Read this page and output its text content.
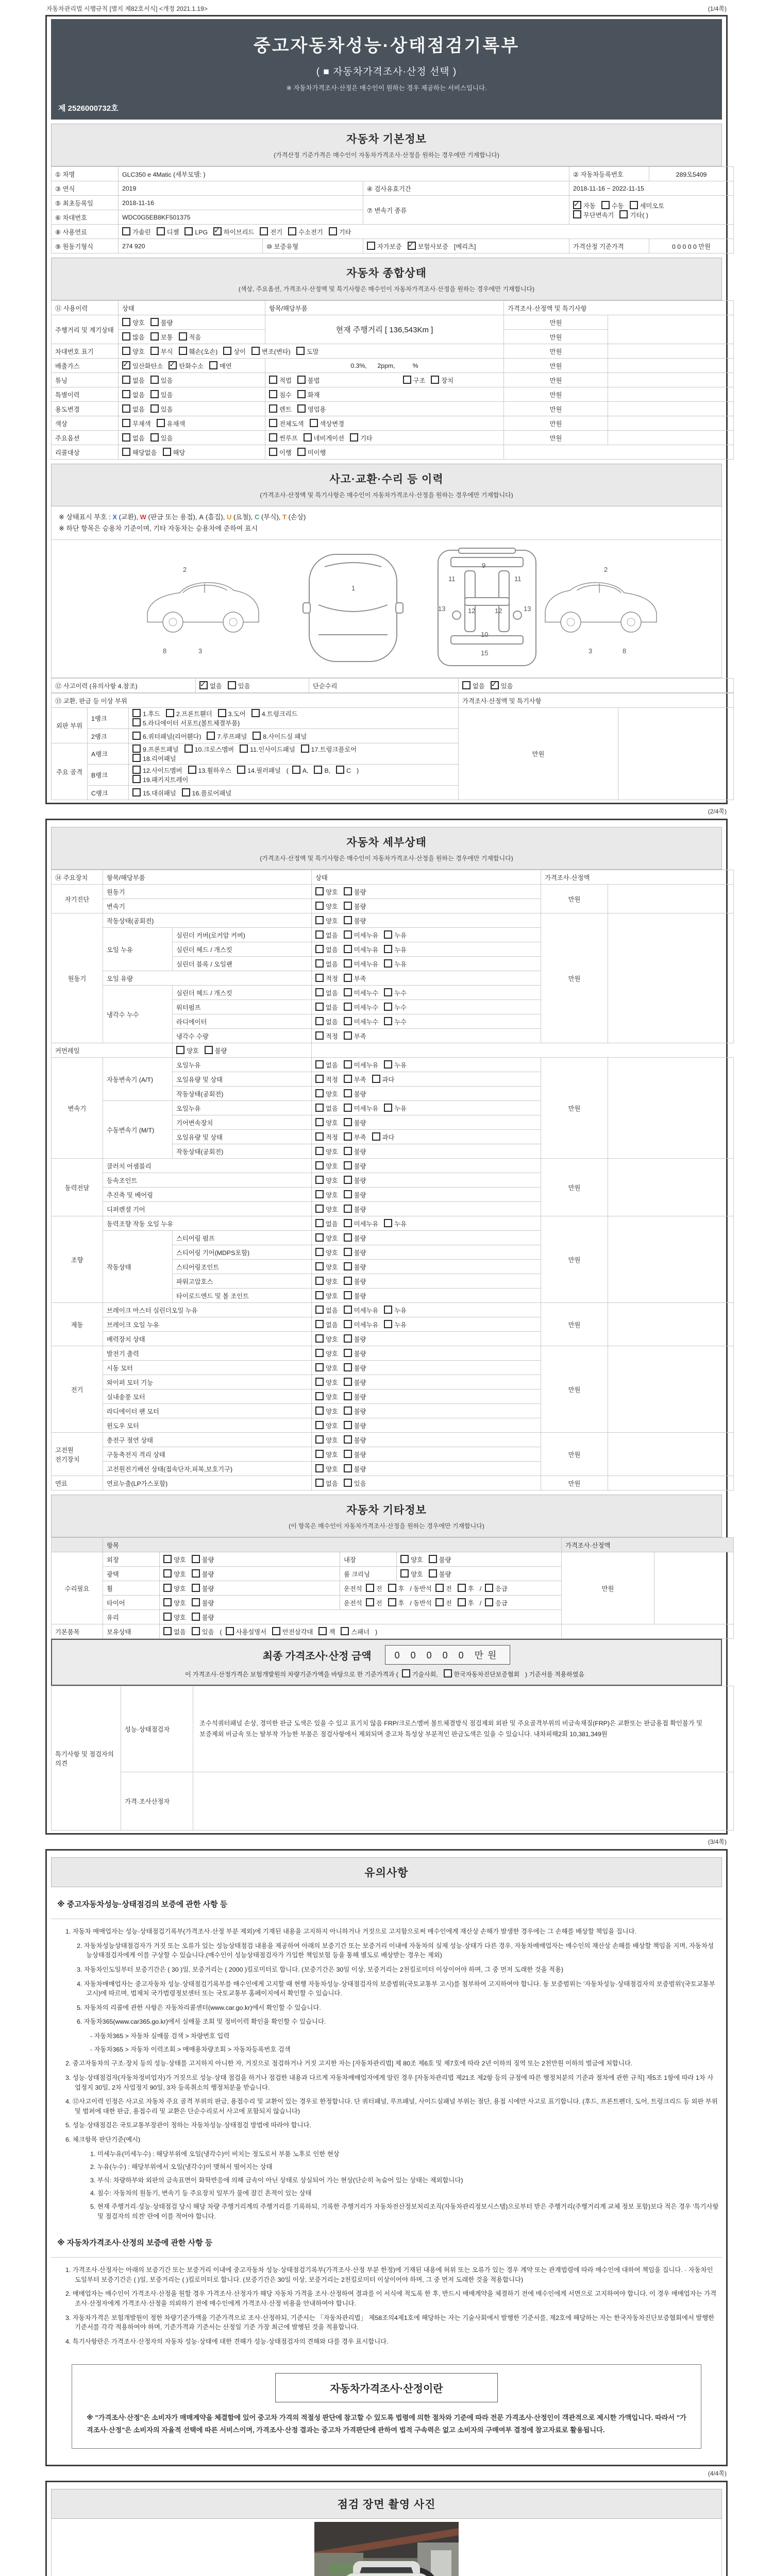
자동차관리법 시행규칙 [별지 제82호서식] <개정 2021.1.19>	(1/4쪽)
중고자동차성능·상태점검기록부
( ■ 자동차가격조사·산정 선택 )
※ 자동차가격조사·산정은 매수인이 원하는 경우 제공하는 서비스입니다.
제 2526000732호
자동차 기본정보
(가격산정 기준가격은 매수인이 자동차가격조사·산정을 원하는 경우에만 기재합니다)
① 차명	GLC350 e 4Matic (세부모델: )			② 자동차등록번호	289오5409
③ 연식	2019		④ 검사유효기간	2018-11-16 ~ 2022-11-15	
⑤ 최초등록일	2018-11-16		⑦ 변속기 종류	✓자동 수동 세미오토
무단변속기 기타( )
⑥ 차대번호	WDC0G5EB8KF501375				
⑧ 사용연료	가솔린 디젤 LPG ✓ 하이브리드 전기 수소전기 기타
⑨ 원동기형식	274 920	⑩ 보증유형	자가보증 ✓ 보험사보증 [메리츠]	가격산정 기준가격	0 0 0 0 0 만원
자동차 종합상태
(색상, 주요옵션, 가격조사·산정액 및 특기사항은 매수인이 자동차가격조사·산정을 원하는 경우에만 기재합니다)
⑪ 사용이력	상태	항목/해당부품	가격조사·산정액 및 특기사항	
주행거리 및 계기상태	양호 불량	현재 주행거리 [ 136,543Km ]	만원	
	많음 보통 적음		만원	
차대번호 표기	양호 부식 훼손(오손) 상이 변조(변타) 도말		만원	
배출가스	✓일산화탄소 ✓ 탄화수소 매연	0.3%,      2ppm,          %	만원	
튜닝	없음 있음	적법 불법 구조 장치	만원	
특별이력	없음 있음	침수 화재	만원	
용도변경	없음 있음	렌트 영업용	만원	
색상	무채색 유채색	전체도색 색상변경	만원	
주요옵션	없음 있음	썬루프 네비게이션 기타	만원	
리콜대상	해당없음 해당	이행 미이행		
사고·교환·수리 등 이력
(가격조사·산정액 및 특기사항은 매수인이 자동차가격조사·산정을 원하는 경우에만 기재합니다)
※ 상태표시 부호 : X (교환), W (판금 또는 용접), A (흠집), U (요철), C (부식), T (손상)
※ 하단 항목은 승용차 기준이며, 기타 자동차는 승용차에 준하여 표시
2
8	3
1
9
11	11
13	13
12	12
10
15
2
3	8
⑫ 사고이력 (유의사항 4.참조)	✓없음	있음	단순수리	없음 ✓	있음
⑬ 교환, 판금 등 이상 부위			가격조사·산정액 및 특기사항	
외판 부위	1랭크	1.후드 2.프론트휀더 3.도어 4.트렁크리드
5.라디에이터 서포트(볼트체결부품)	만원	
	2랭크	6.쿼터패널(리어휀다) 7.루프패널 8.사이드실 패널		
주요 골격	A랭크	9.프론트패널 10.크로스멤버 11.인사이드패널 17.트렁크플로어
18.리어패널		
	B랭크	12.사이드멤버 13.휠하우스 14.필러패널 ( A, B, C )
19.패키지트레이		
	C랭크	15.대쉬패널 16.플로어패널		
(2/4쪽)
자동차 세부상태
(가격조사·산정액 및 특기사항은 매수인이 자동차가격조사·산정을 원하는 경우에만 기재합니다)
⑭ 주요장치	항목/해당부품		상태	가격조사·산정액	
자기진단	원동기		양호 불량	만원	
	변속기		양호 불량		
원동기	작동상태(공회전)		양호 불량	만원	
	오일 누유	실린더 커버(로커암 커버)	없음 미세누유 누유		
		실린더 헤드 / 개스킷	없음 미세누유 누유		
		실린더 블록 / 오일팬	없음 미세누유 누유		
	오일 유량		적정 부족		
	냉각수 누수	실린더 헤드 / 개스킷	없음 미세누수 누수		
		워터펌프	없음 미세누수 누수		
		라디에이터	없음 미세누수 누수		
		냉각수 수량	적정 부족		
커먼레일		양호 불량			
변속기	자동변속기 (A/T)	오일누유	없음 미세누유 누유	만원	
		오일유량 및 상태	적정 부족 과다		
		작동상태(공회전)	양호 불량		
	수동변속기 (M/T)	오일누유	없음 미세누유 누유		
		기어변속장치	양호 불량		
		오일유량 및 상태	적정 부족 과다		
		작동상태(공회전)	양호 불량		
동력전달	클러치 어셈블리		양호 불량	만원	
	등속조인트		양호 불량		
	추진축 및 베어링		양호 불량		
	디퍼렌셜 기어		양호 불량		
조향	동력조향 작동 오일 누유		없음 미세누유 누유	만원	
	작동상태	스티어링 펌프	양호 불량		
		스티어링 기어(MDPS포함)	양호 불량		
		스티어링조인트	양호 불량		
		파워고압호스	양호 불량		
		타이로드엔드 및 볼 조인트	양호 불량		
제동	브레이크 마스터 실린더오일 누유		없음 미세누유 누유	만원	
	브레이크 오일 누유		없음 미세누유 누유		
	배력장치 상태		양호 불량		
전기	발전기 출력		양호 불량	만원	
	시동 모터		양호 불량		
	와이퍼 모터 기능		양호 불량		
	실내송풍 모터		양호 불량		
	라디에이터 팬 모터		양호 불량		
	윈도우 모터		양호 불량		
고전원 전기장치	충전구 절연 상태		양호 불량	만원	
	구동축전지 격리 상태		양호 불량		
	고전원전기배선 상태(접속단자,피복,보호기구)		양호 불량		
연료	연료누출(LP가스포함)		없음 있음	만원	
자동차 기타정보
(이 항목은 매수인이 자동차가격조사·산정을 원하는 경우에만 기재합니다)
	항목				가격조사·산정액	
수리필요	외장	양호 불량	내장	양호 불량	만원	
	광택	양호 불량	룸 크리닝	양호 불량		
	휠	양호 불량	운전석 전 후 / 동반석 전 후 / 응급			
	타이어	양호 불량	운전석 전 후 / 동반석 전 후 / 응급			
	유리	양호 불량				
기본품목	보유상태	없음 있음 ( 사용설명서 안전삼각대 잭 스패너 )				
최종 가격조사·산정 금액	0 0 0 0 0 만원
이 가격조사·산정가격은 보험개발원의 차량기준가액을 바탕으로 한 기준가격과 ( 기술사회,	한국자동차진단보증협회 ) 기준서를 적용하였음
특기사항 및 점검자의 의견	성능·상태점검자	조수석쿼터패널 손상, 경미한 판금 도색은 있을 수 있고 표기치 않음 FRP/크로스멤버 볼트체결방식 점검제외 외판 및 주요골격부위의 비금속재질(FRP)은 교환또는 판금용접 확인불가 및 보증제외 비금속 또는 탈부착 가능한 부품은 점검사항에서 제외되며 중고차 특성상 부분적인 판금도색은 있을 수 있습니다. 내차피해2회 10,381,349원
	가격·조사산정자	
(3/4쪽)
유의사항
※ 중고자동차성능·상태점검의 보증에 관한 사항 등
1. 자동차 매매업자는 성능·상태점검기록부(가격조사·산정 부분 제외)에 기재된 내용을 고지하지 아니하거나 거짓으로 고지함으로써 매수인에게 재산상 손해가 발생한 경우에는 그 손해를 배상할 책임을 집니다.
2. 자동차성능상태점검자가 거짓 또는 오류가 있는 성능상태점검 내용을 제공하여 아래의 보증기간 또는 보증거리 이내에 자동차의 실제 성능·상태가 다른 경우, 자동차매매업자는 매수인의 재산상 손해를 배상할 책임을 지며, 자동차성능상태점검자에게 이를 구상할 수 있습니다.(매수인이 성능상태점검자가 가입한 책임보험 등을 통해 별도로 배상받는 경우는 제외)
3. 자동차인도일부터 보증기간은 ( 30 )일, 보증거리는 ( 2000 )킬로미터로 합니다. (보증기간은 30일 이상, 보증거리는 2천킬로미터 이상이어야 하며, 그 중 먼저 도래한 것을 적용)
4. 자동차매매업자는 중고자동차 성능·상태점검기록부를 매수인에게 고지할 때 현행 자동차성능·상태점검자의 보증범위(국토교통부 고시)를 첨부하여 고지하여야 합니다. 동 보증범위는 '자동차성능·상태점검자의 보증범위'(국토교통부 고시)에 따르며, 법제처 국가법령정보센터 또는 국토교통부 홈페이지에서 확인할 수 있습니다.
5. 자동차의 리콜에 관한 사항은 자동차리콜센터(www.car.go.kr)에서 확인할 수 있습니다.
6. 자동차365(www.car365.go.kr)에서 실매물 조회 및 정비이력 확인을 확인할 수 있습니다.
- 자동차365 > 자동차 실매물 검색 > 차량번호 입력
- 자동차365 > 자동차 이력조회 > 매매용차량조회 > 자동차등록번호 검색
2. 중고자동차의 구조·장치 등의 성능·상태를 고지하지 아니한 자, 거짓으로 점검하거나 거짓 고지한 자는 [자동차관리법] 제 80조 제6호 및 제7호에 따라 2년 이하의 징역 또는 2천만원 이하의 벌금에 처합니다.
3. 성능·상태점검자(자동차정비업자)가 거짓으로 성능·상태 점검을 하거나 점검한 내용과 다르게 자동차매매업자에게 알린 경우 [자동차관리법 제21조 제2항 등의 규정에 따른 행정처분의 기준과 절차에 관한 규칙] 제5조 1항에 따라 1차 사업정지 30일, 2차 사업정지 90일, 3차 등록취소의 행정처분을 받습니다.
4. ⑫사고이력 인정은 사고로 자동차 주요 골격 부위의 판금, 용접수리 및 교환이 있는 경우로 한정합니다. 단 쿼터패널, 루프패널, 사이드실패널 부위는 절단, 용접 시에만 사고로 표기합니다. (후드, 프론트펜더, 도어, 트렁크리드 등 외판 부위 및 범퍼에 대한 판금, 용접수리 및 교환은 단순수리로서 사고에 포함되지 않습니다)
5. 성능·상태점검은 국토교통부장관이 정하는 자동차성능·상태점검 방법에 따라야 합니다.
6. 체크항목 판단기준(예시)
1. 미세누유(미세누수) : 해당부위에 오일(냉각수)이 비치는 정도로서 부품 노후로 인한 현상
2. 누유(누수) : 해당부위에서 오일(냉각수)이 맺혀서 떨어지는 상태
3. 부식: 차량하부와 외판의 금속표면이 화학반응에 의해 금속이 아닌 상태로 상실되어 가는 현상(단순히 녹슬어 있는 상태는 제외합니다)
4. 침수: 자동차의 원동기, 변속기 등 주요장치 일부가 물에 잠긴 흔적이 있는 상태
5. 현재 주행거리·성능·상태점검 당시 해당 차량 주행거리계의 주행거리를 기록하되, 기록한 주행거리가 자동차전산정보처리조직(자동차관리정보시스템)으로부터 받은 주행거리(주행거리계 교체 정보 포함)보다 적은 경우 '특기사항 및 점검자의 의견' 란에 이를 적어야 합니다.
※ 자동차가격조사·산정의 보증에 관한 사항 등
1. 가격조사·산정자는 아래의 보증기간 또는 보증거리 이내에 중고자동차 성능·상태점검기록부(가격조사·산정 부분 한정)에 기재된 내용에 허위 또는 오류가 있는 경우 계약 또는 관계법령에 따라 매수인에 대하여 책임을 집니다. · 자동차인도일부터 보증기간은 ( )일, 보증거리는 ( )킬로미터로 합니다. (보증기간은 30일 이상, 보증거리는 2천킬로미터 이상이어야 하며, 그 중 먼저 도래한 것을 적용합니다)
2. 매매업자는 매수인이 가격조사·산정을 원할 경우 가격조사·산정자가 해당 자동차 가격을 조사·산정하여 결과를 이 서식에 적도록 한 후, 반드시 매매계약을 체결하기 전에 매수인에게 서면으로 고지하여야 합니다. 이 경우 매매업자는 가격조사·산정자에게 가격조사·산정을 의뢰하기 전에 매수인에게 가격조사·산정 비용을 안내하여야 합니다.
3. 자동차가격은 보험개발원이 정한 차량기준가액을 기준가격으로 조사·산정하되, 기준서는 「자동차관리법」 제58조의4제1호에 해당하는 자는 기술사회에서 발행한 기준서를, 제2호에 해당하는 자는 한국자동차진단보증협회에서 발행한 기준서를 각각 적용하여야 하며, 기준가격과 기준서는 산정일 기준 가장 최근에 발행된 것을 적용합니다.
4. 특기사항란은 가격조사·산정자의 자동차 성능·상태에 대한 견해가 성능·상태점검자의 견해와 다를 경우 표시합니다.
자동차가격조사·산정이란
※ "가격조사·산정"은 소비자가 매매계약을 체결함에 있어 중고차 가격의 적절성 판단에 참고할 수 있도록 법령에 의한 절차와 기준에 따라 전문 가격조사·산정인이 객관적으로 제시한 가액입니다. 따라서 "가격조사·산정"은 소비자의 자율적 선택에 따른 서비스이며, 가격조사·산정 결과는 중고차 가격판단에 관하여 법적 구속력은 없고 소비자의 구매여부 결정에 참고자료로 활용됩니다.
(4/4쪽)
점검 장면 촬영 사진
